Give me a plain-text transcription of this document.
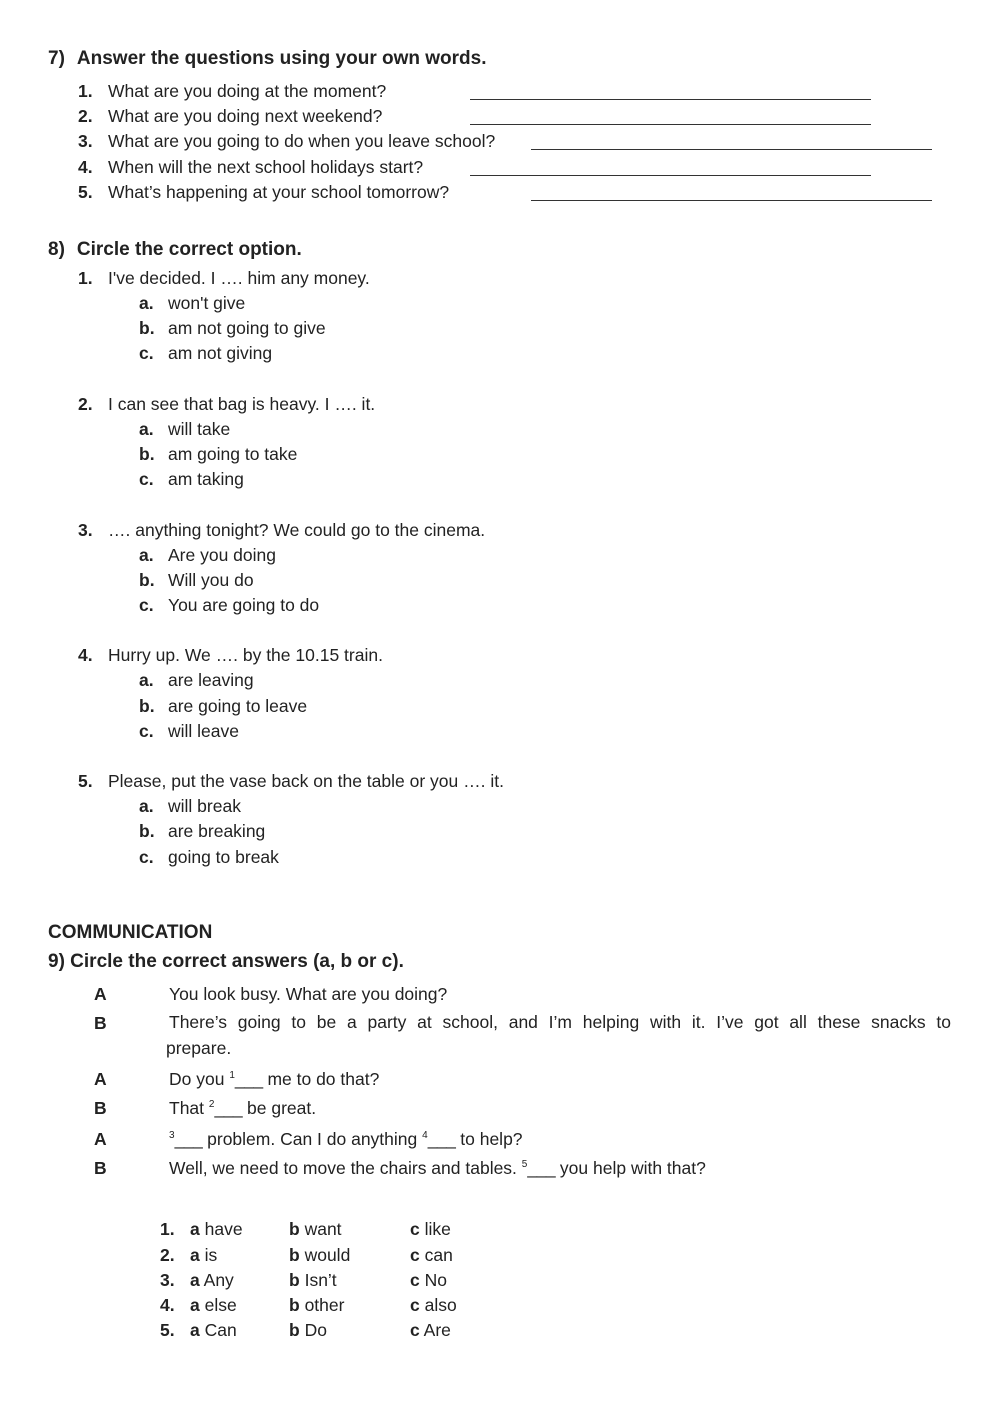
7) Answer the questions using your own words.
1. What are you doing at the moment?
2. What are you doing next weekend?
3. What are you going to do when you leave school?
4. When will the next school holidays start?
5. What’s happening at your school tomorrow?
8) Circle the correct option.
1. I've decided. I …. him any money.
a. won't give
b. am not going to give
c. am not giving
2. I can see that bag is heavy. I …. it.
a. will take
b. am going to take
c. am taking
3. …. anything tonight? We could go to the cinema.
a. Are you doing
b. Will you do
c. You are going to do
4. Hurry up. We …. by the 10.15 train.
a. are leaving
b. are going to leave
c. will leave
5. Please, put the vase back on the table or you …. it.
a. will break
b. are breaking
c. going to break
COMMUNICATION
9) Circle the correct answers (a, b or c).
A	You look busy. What are you doing?
B	There’s going to be a party at school, and I’m helping with it. I’ve got all these snacks to
prepare.
A	Do you $^1$___ me to do that?
B	That $^2$___ be great.
A	$^3$___ problem. Can I do anything $^4$___ to help?
B	Well, we need to move the chairs and tables. $^5$___ you help with that?
1. a have	b want	c like
2. a is	b would	c can
3. a Any	b Isn’t	c No
4. a else	b other	c also
5. a Can	b Do	c Are
